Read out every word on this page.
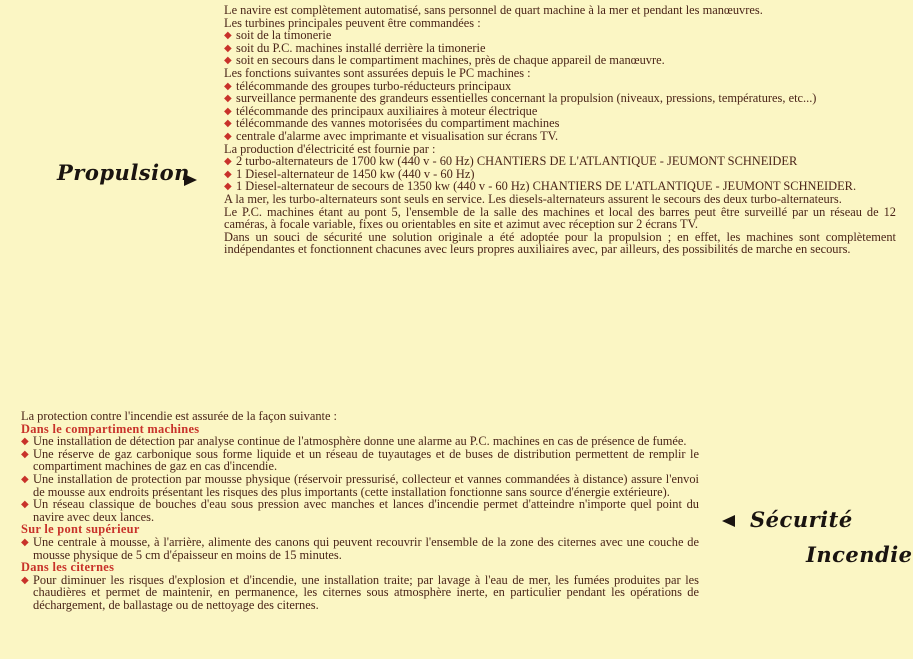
Propulsion

Le navire est complètement automatisé, sans personnel de quart machine à la mer et pendant les manœuvres.

Les turbines principales peuvent être commandées :

◆ soit de la timonerie
◆ soit du P.C. machines installé derrière la timonerie
◆ soit en secours dans le compartiment machines, près de chaque appareil de manœuvre.

Les fonctions suivantes sont assurées depuis le PC machines :

◆ télécommande des groupes turbo-réducteurs principaux
◆ surveillance permanente des grandeurs essentielles concernant la propulsion (niveaux, pressions, températures, etc...)
◆ télécommande des principaux auxiliaires à moteur électrique
◆ télécommande des vannes motorisées du compartiment machines
◆ centrale d'alarme avec imprimante et visualisation sur écrans TV.

La production d'électricité est fournie par :

◆ 2 turbo-alternateurs de 1700 kw (440 v - 60 Hz) CHANTIERS DE L'ATLANTIQUE - JEUMONT SCHNEIDER
◆ 1 Diesel-alternateur de 1450 kw (440 v - 60 Hz)
◆ 1 Diesel-alternateur de secours de 1350 kw (440 v - 60 Hz) CHANTIERS DE L'ATLANTIQUE - JEUMONT SCHNEIDER.

A la mer, les turbo-alternateurs sont seuls en service. Les diesels-alternateurs assurent le secours des deux turbo-alternateurs.

Le P.C. machines étant au pont 5, l'ensemble de la salle des machines et local des barres peut être surveillé par un réseau de 12 caméras, à focale variable, fixes ou orientables en site et azimut avec réception sur 2 écrans TV.

Dans un souci de sécurité une solution originale a été adoptée pour la propulsion ; en effet, les machines sont complètement indépendantes et fonctionnent chacunes avec leurs propres auxiliaires avec, par ailleurs, des possibilités de marche en secours.

La protection contre l'incendie est assurée de la façon suivante :

Dans le compartiment machines
◆ Une installation de détection par analyse continue de l'atmosphère donne une alarme au P.C. machines en cas de présence de fumée.
◆ Une réserve de gaz carbonique sous forme liquide et un réseau de tuyautages et de buses de distribution permettent de remplir le compartiment machines de gaz en cas d'incendie.
◆ Une installation de protection par mousse physique (réservoir pressurisé, collecteur et vannes commandées à distance) assure l'envoi de mousse aux endroits présentant les risques des plus importants (cette installation fonctionne sans source d'énergie extérieure).
◆ Un réseau classique de bouches d'eau sous pression avec manches et lances d'incendie permet d'atteindre n'importe quel point du navire avec deux lances.
Sur le pont supérieur
◆ Une centrale à mousse, à l'arrière, alimente des canons qui peuvent recouvrir l'ensemble de la zone des citernes avec une couche de mousse physique de 5 cm d'épaisseur en moins de 15 minutes.
Dans les citernes
◆ Pour diminuer les risques d'explosion et d'incendie, une installation traite; par lavage à l'eau de mer, les fumées produites par les chaudières et permet de maintenir, en permanence, les citernes sous atmosphère inerte, en particulier pendant les opérations de déchargement, de ballastage ou de nettoyage des citernes.
Sécurité
Incendie
